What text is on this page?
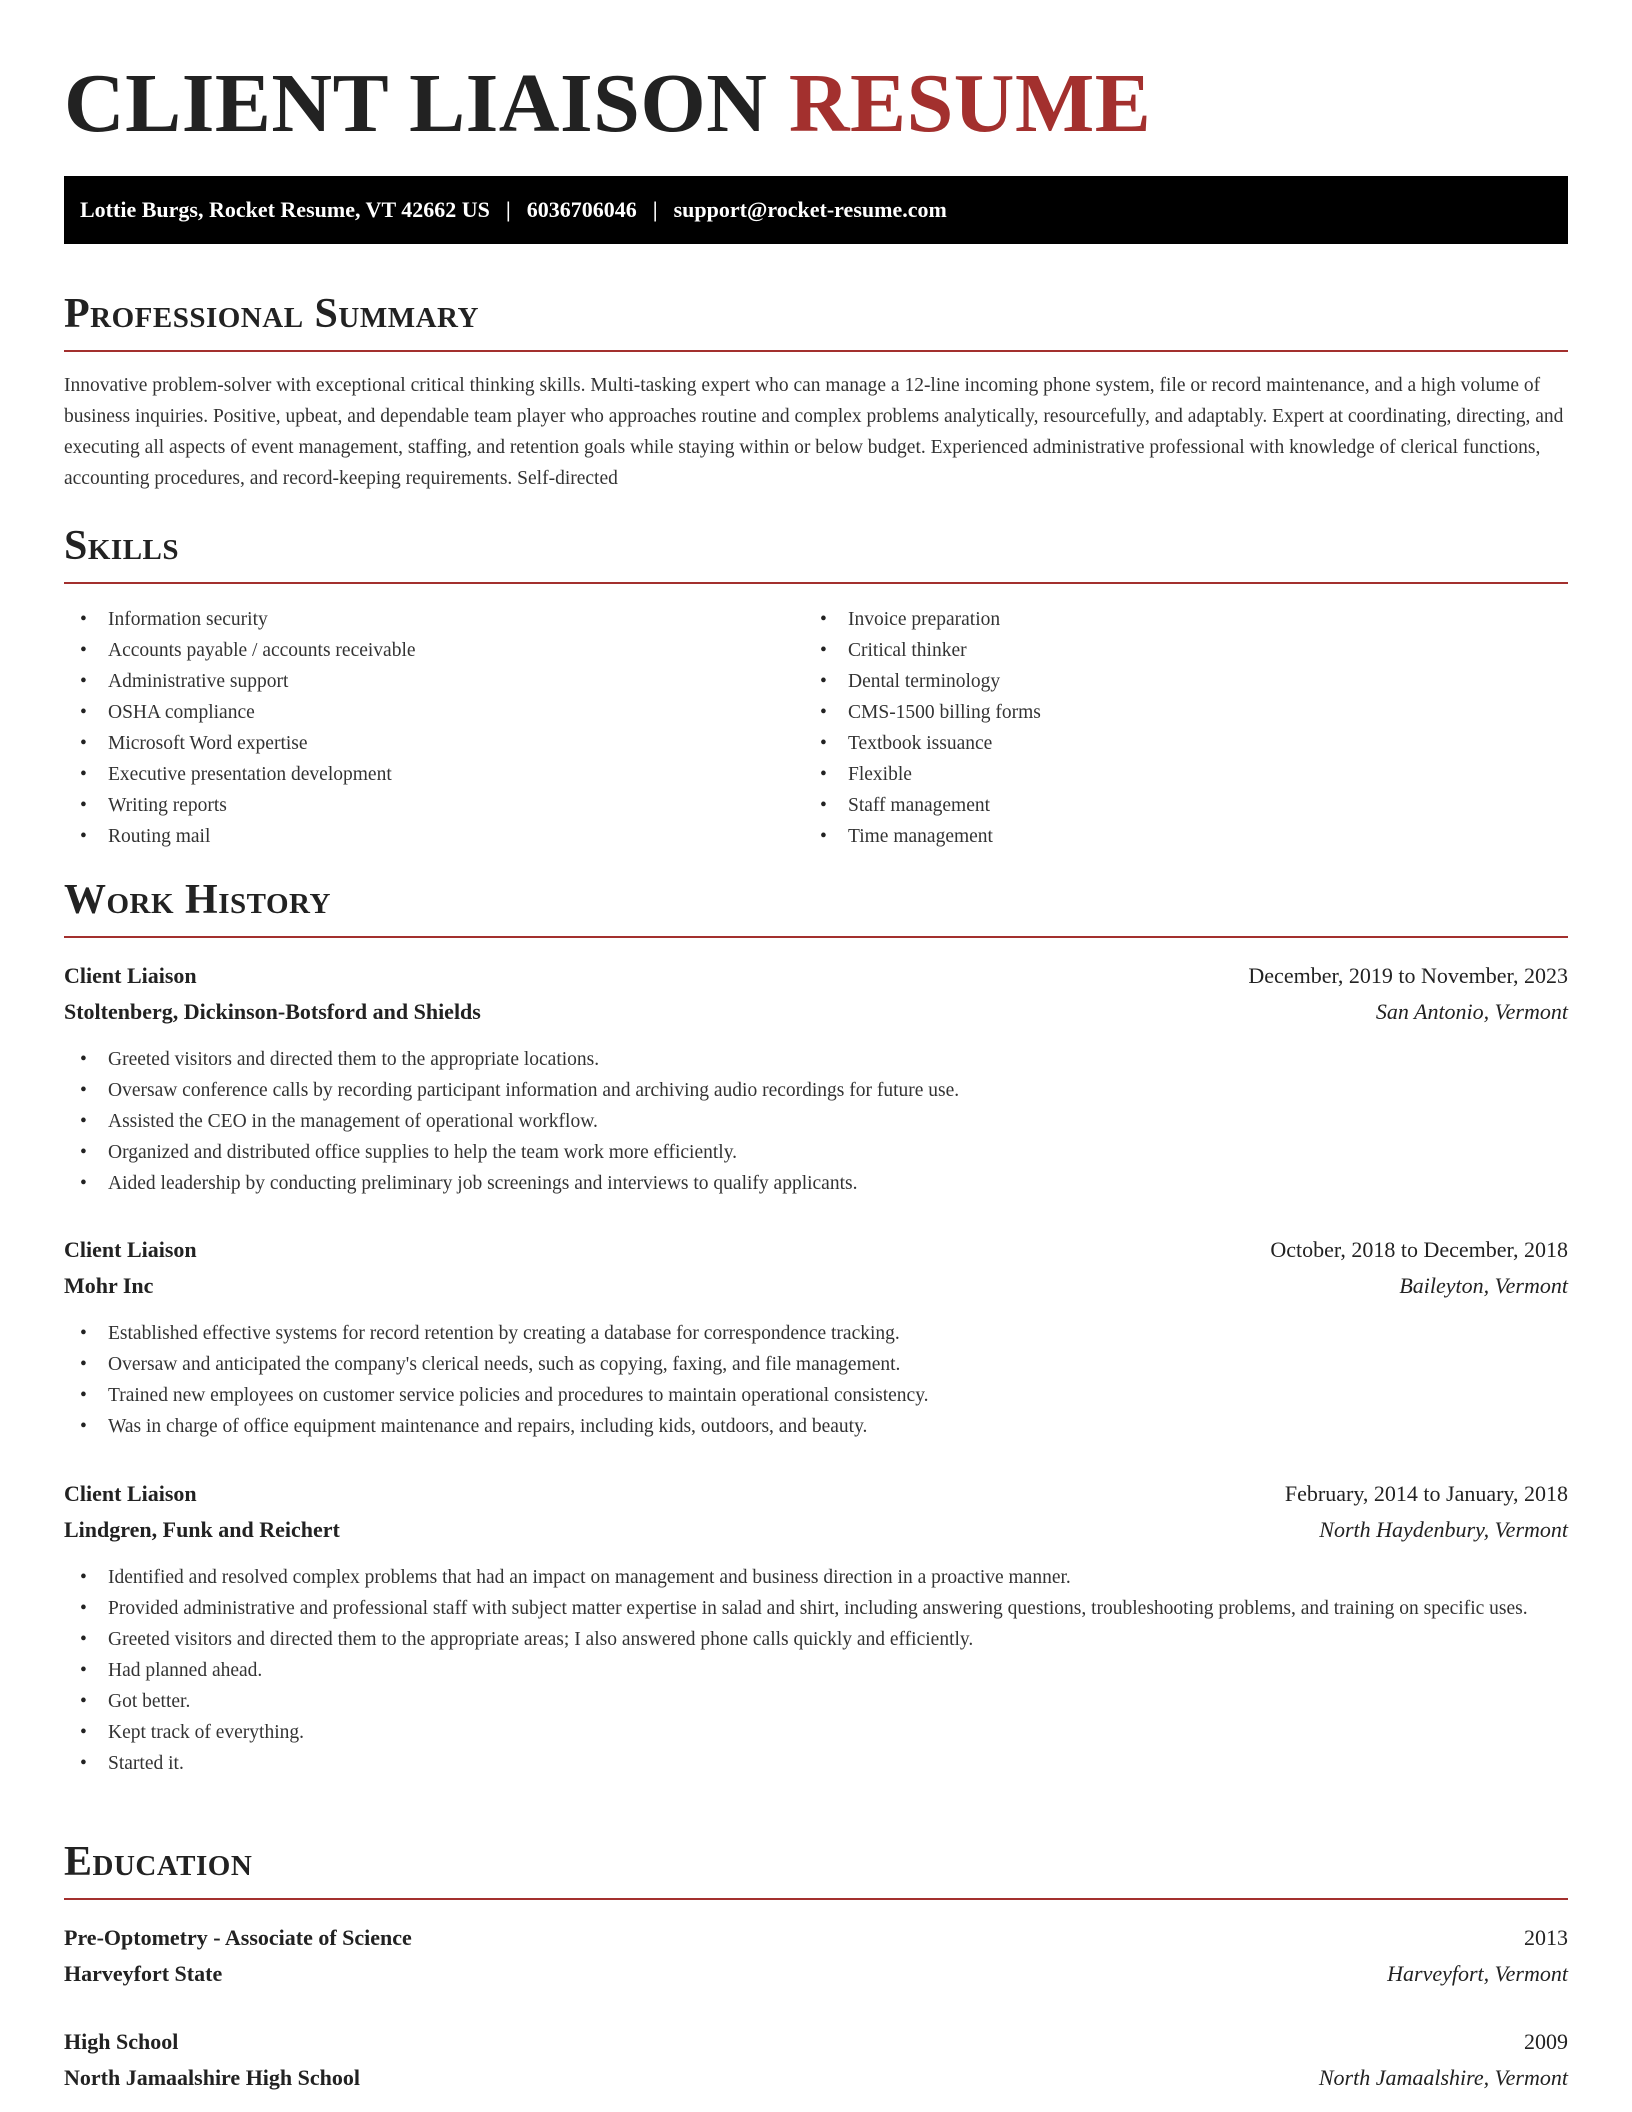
CLIENT LIAISON RESUME
Lottie Burgs, Rocket Resume, VT 42662 US | 6036706046 | support@rocket-resume.com
Professional Summary

Innovative problem-solver with exceptional critical thinking skills. Multi-tasking expert who can manage a 12-line incoming phone system, file or record maintenance, and a high volume of business inquiries. Positive, upbeat, and dependable team player who approaches routine and complex problems analytically, resourcefully, and adaptably. Expert at coordinating, directing, and executing all aspects of event management, staffing, and retention goals while staying within or below budget. Experienced administrative professional with knowledge of clerical functions, accounting procedures, and record-keeping requirements. Self-directed

Skills
• Information security
• Accounts payable / accounts receivable
• Administrative support
• OSHA compliance
• Microsoft Word expertise
• Executive presentation development
• Writing reports
• Routing mail
• Invoice preparation
• Critical thinker
• Dental terminology
• CMS-1500 billing forms
• Textbook issuance
• Flexible
• Staff management
• Time management
Work History
Client Liaison	December, 2019 to November, 2023
Stoltenberg, Dickinson-Botsford and Shields	San Antonio, Vermont
• Greeted visitors and directed them to the appropriate locations.
• Oversaw conference calls by recording participant information and archiving audio recordings for future use.
• Assisted the CEO in the management of operational workflow.
• Organized and distributed office supplies to help the team work more efficiently.
• Aided leadership by conducting preliminary job screenings and interviews to qualify applicants.
Client Liaison	October, 2018 to December, 2018
Mohr Inc	Baileyton, Vermont
• Established effective systems for record retention by creating a database for correspondence tracking.
• Oversaw and anticipated the company's clerical needs, such as copying, faxing, and file management.
• Trained new employees on customer service policies and procedures to maintain operational consistency.
• Was in charge of office equipment maintenance and repairs, including kids, outdoors, and beauty.
Client Liaison	February, 2014 to January, 2018
Lindgren, Funk and Reichert	North Haydenbury, Vermont
• Identified and resolved complex problems that had an impact on management and business direction in a proactive manner.
• Provided administrative and professional staff with subject matter expertise in salad and shirt, including answering questions, troubleshooting problems, and training on specific uses.
• Greeted visitors and directed them to the appropriate areas; I also answered phone calls quickly and efficiently.
• Had planned ahead.
• Got better.
• Kept track of everything.
• Started it.
Education
Pre-Optometry - Associate of Science	2013
Harveyfort State	Harveyfort, Vermont
High School	2009
North Jamaalshire High School	North Jamaalshire, Vermont
